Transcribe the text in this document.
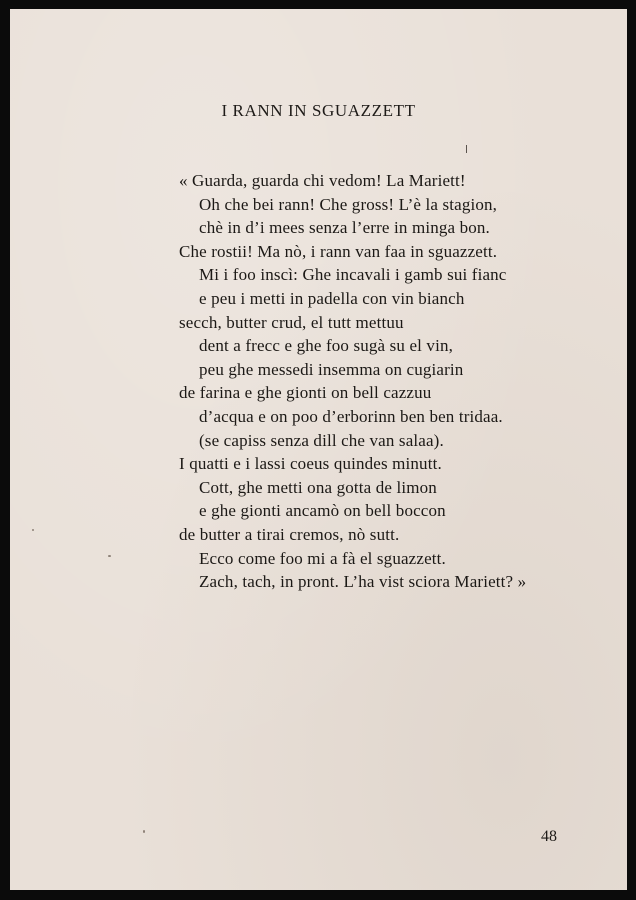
I RANN IN SGUAZZETT
« Guarda, guarda chi vedom! La Mariett!
Oh che bei rann! Che gross! L’è la stagion,
chè in d’i mees senza l’erre in minga bon.
Che rostii! Ma nò, i rann van faa in sguazzett.
Mi i foo inscì: Ghe incavali i gamb sui fianc
e peu i metti in padella con vin bianch
secch, butter crud, el tutt mettuu
dent a frecc e ghe foo sugà su el vin,
peu ghe messedi insemma on cugiarin
de farina e ghe gionti on bell cazzuu
d’acqua e on poo d’erborinn ben ben tridaa.
(se capiss senza dill che van salaa).
I quatti e i lassi coeus quindes minutt.
Cott, ghe metti ona gotta de limon
e ghe gionti ancamò on bell boccon
de butter a tirai cremos, nò sutt.
Ecco come foo mi a fà el sguazzett.
Zach, tach, in pront. L’ha vist sciora Mariett? »
48
